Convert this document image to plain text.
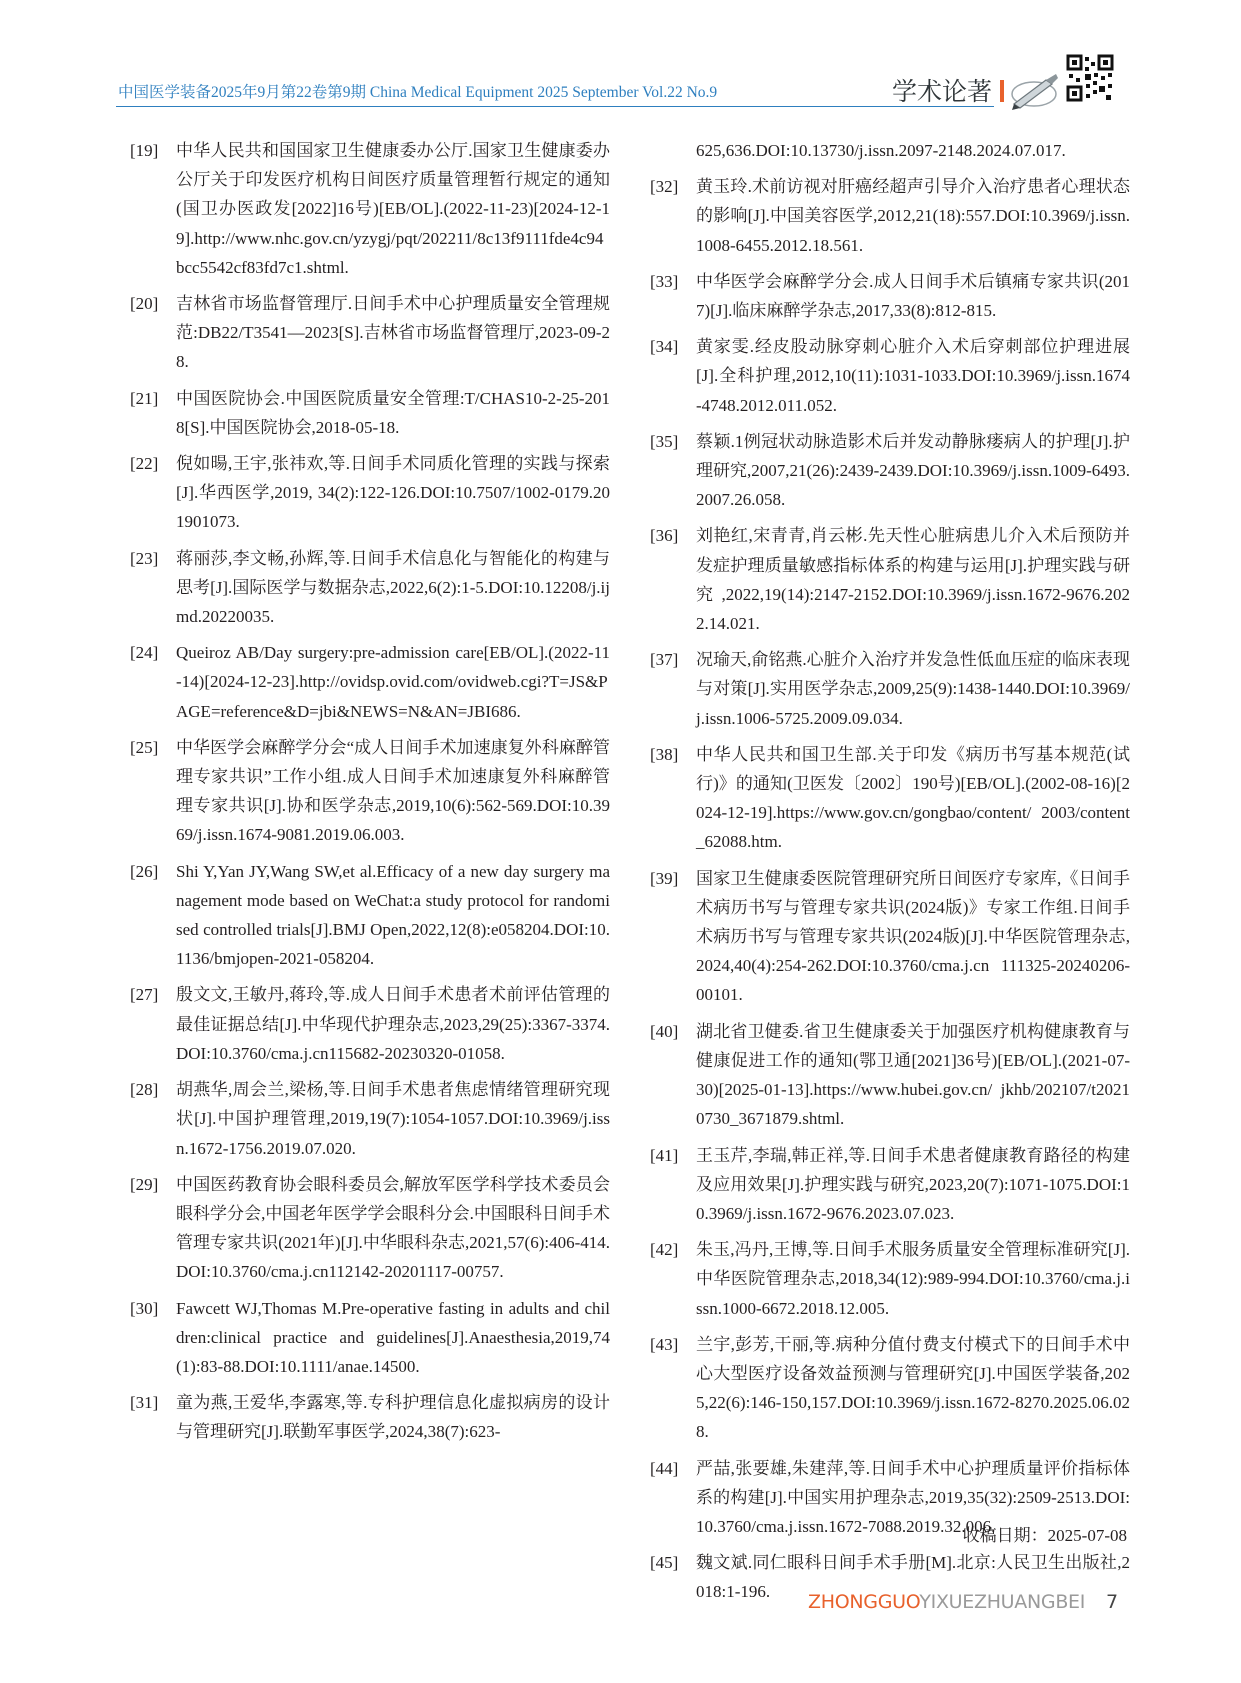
中国医学装备2025年9月第22卷第9期 China Medical Equipment 2025 September Vol.22 No.9	学术论著
[19] 中华人民共和国国家卫生健康委办公厅.国家卫生健康委办公厅关于印发医疗机构日间医疗质量管理暂行规定的通知(国卫办医政发[2022]16号)[EB/OL].(2022-11-23)[2024-12-19].http://www.nhc.gov.cn/yzygj/pqt/202211/8c13f9111fde4c94bcc5542cf83fd7c1.shtml.
[20] 吉林省市场监督管理厅.日间手术中心护理质量安全管理规范:DB22/T3541—2023[S].吉林省市场监督管理厅,2023-09-28.
[21] 中国医院协会.中国医院质量安全管理:T/CHAS10-2-25-2018[S].中国医院协会,2018-05-18.
[22] 倪如暘,王宇,张祎欢,等.日间手术同质化管理的实践与探索[J].华西医学,2019, 34(2):122-126.DOI:10.7507/1002-0179.201901073.
[23] 蒋丽莎,李文畅,孙辉,等.日间手术信息化与智能化的构建与思考[J].国际医学与数据杂志,2022,6(2):1-5.DOI:10.12208/j.ijmd.20220035.
[24] Queiroz AB/Day surgery:pre-admission care[EB/OL].(2022-11-14)[2024-12-23].http://ovidsp.ovid.com/ovidweb.cgi?T=JS&PAGE=reference&D=jbi&NEWS=N&AN=JBI686.
[25] 中华医学会麻醉学分会“成人日间手术加速康复外科麻醉管理专家共识”工作小组.成人日间手术加速康复外科麻醉管理专家共识[J].协和医学杂志,2019,10(6):562-569.DOI:10.3969/j.issn.1674-9081.2019.06.003.
[26] Shi Y,Yan JY,Wang SW,et al.Efficacy of a new day surgery management mode based on WeChat:a study protocol for randomised controlled trials[J].BMJ Open,2022,12(8):e058204.DOI:10.1136/bmjopen-2021-058204.
[27] 殷文文,王敏丹,蒋玲,等.成人日间手术患者术前评估管理的最佳证据总结[J].中华现代护理杂志,2023,29(25):3367-3374.DOI:10.3760/cma.j.cn115682-20230320-01058.
[28] 胡燕华,周会兰,梁杨,等.日间手术患者焦虑情绪管理研究现状[J].中国护理管理,2019,19(7):1054-1057.DOI:10.3969/j.issn.1672-1756.2019.07.020.
[29] 中国医药教育协会眼科委员会,解放军医学科学技术委员会眼科学分会,中国老年医学学会眼科分会.中国眼科日间手术管理专家共识(2021年)[J].中华眼科杂志,2021,57(6):406-414.DOI:10.3760/cma.j.cn112142-20201117-00757.
[30] Fawcett WJ,Thomas M.Pre-operative fasting in adults and children:clinical practice and guidelines[J].Anaesthesia,2019,74(1):83-88.DOI:10.1111/anae.14500.
[31] 童为燕,王爱华,李露寒,等.专科护理信息化虚拟病房的设计与管理研究[J].联勤军事医学,2024,38(7):623-
625,636.DOI:10.13730/j.issn.2097-2148.2024.07.017.
[32] 黄玉玲.术前访视对肝癌经超声引导介入治疗患者心理状态的影响[J].中国美容医学,2012,21(18):557.DOI:10.3969/j.issn.1008-6455.2012.18.561.
[33] 中华医学会麻醉学分会.成人日间手术后镇痛专家共识(2017)[J].临床麻醉学杂志,2017,33(8):812-815.
[34] 黄家雯.经皮股动脉穿刺心脏介入术后穿刺部位护理进展[J].全科护理,2012,10(11):1031-1033.DOI:10.3969/j.issn.1674-4748.2012.011.052.
[35] 蔡颖.1例冠状动脉造影术后并发动静脉瘘病人的护理[J].护理研究,2007,21(26):2439-2439.DOI:10.3969/j.issn.1009-6493.2007.26.058.
[36] 刘艳红,宋青青,肖云彬.先天性心脏病患儿介入术后预防并发症护理质量敏感指标体系的构建与运用[J].护理实践与研究,2022,19(14):2147-2152.DOI:10.3969/j.issn.1672-9676.2022.14.021.
[37] 况瑜天,俞铭燕.心脏介入治疗并发急性低血压症的临床表现与对策[J].实用医学杂志,2009,25(9):1438-1440.DOI:10.3969/j.issn.1006-5725.2009.09.034.
[38] 中华人民共和国卫生部.关于印发《病历书写基本规范(试行)》的通知(卫医发〔2002〕190号)[EB/OL].(2002-08-16)[2024-12-19].https://www.gov.cn/gongbao/content/ 2003/content_62088.htm.
[39] 国家卫生健康委医院管理研究所日间医疗专家库,《日间手术病历书写与管理专家共识(2024版)》专家工作组.日间手术病历书写与管理专家共识(2024版)[J].中华医院管理杂志,2024,40(4):254-262.DOI:10.3760/cma.j.cn 111325-20240206-00101.
[40] 湖北省卫健委.省卫生健康委关于加强医疗机构健康教育与健康促进工作的通知(鄂卫通[2021]36号)[EB/OL].(2021-07-30)[2025-01-13].https://www.hubei.gov.cn/ jkhb/202107/t20210730_3671879.shtml.
[41] 王玉芹,李瑞,韩正祥,等.日间手术患者健康教育路径的构建及应用效果[J].护理实践与研究,2023,20(7):1071-1075.DOI:10.3969/j.issn.1672-9676.2023.07.023.
[42] 朱玉,冯丹,王博,等.日间手术服务质量安全管理标准研究[J].中华医院管理杂志,2018,34(12):989-994.DOI:10.3760/cma.j.issn.1000-6672.2018.12.005.
[43] 兰宇,彭芳,干丽,等.病种分值付费支付模式下的日间手术中心大型医疗设备效益预测与管理研究[J].中国医学装备,2025,22(6):146-150,157.DOI:10.3969/j.issn.1672-8270.2025.06.028.
[44] 严喆,张要雄,朱建萍,等.日间手术中心护理质量评价指标体系的构建[J].中国实用护理杂志,2019,35(32):2509-2513.DOI:10.3760/cma.j.issn.1672-7088.2019.32.006.
[45] 魏文斌.同仁眼科日间手术手册[M].北京:人民卫生出版社,2018:1-196.
收稿日期：2025-07-08
ZHONGGUOYIXUEZHUANGBEI 7
